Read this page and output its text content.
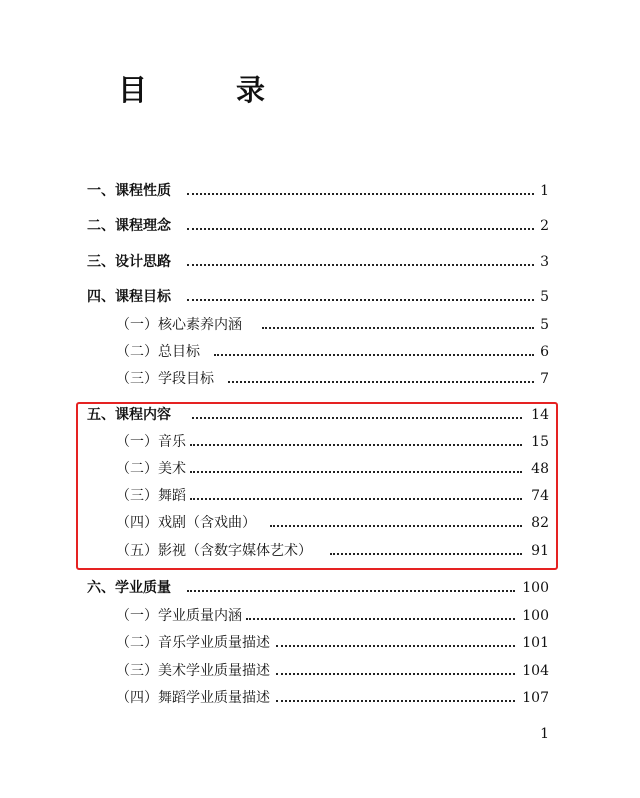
目　录
一、课程性质	1
二、课程理念	2
三、设计思路	3
四、课程目标	5
（一）核心素养内涵	5
（二）总目标	6
（三）学段目标	7
五、课程内容	14
（一）音乐	15
（二）美术	48
（三）舞蹈	74
（四）戏剧（含戏曲）	82
（五）影视（含数字媒体艺术）	91
六、学业质量	100
（一）学业质量内涵	100
（二）音乐学业质量描述	101
（三）美术学业质量描述	104
（四）舞蹈学业质量描述	107
1
